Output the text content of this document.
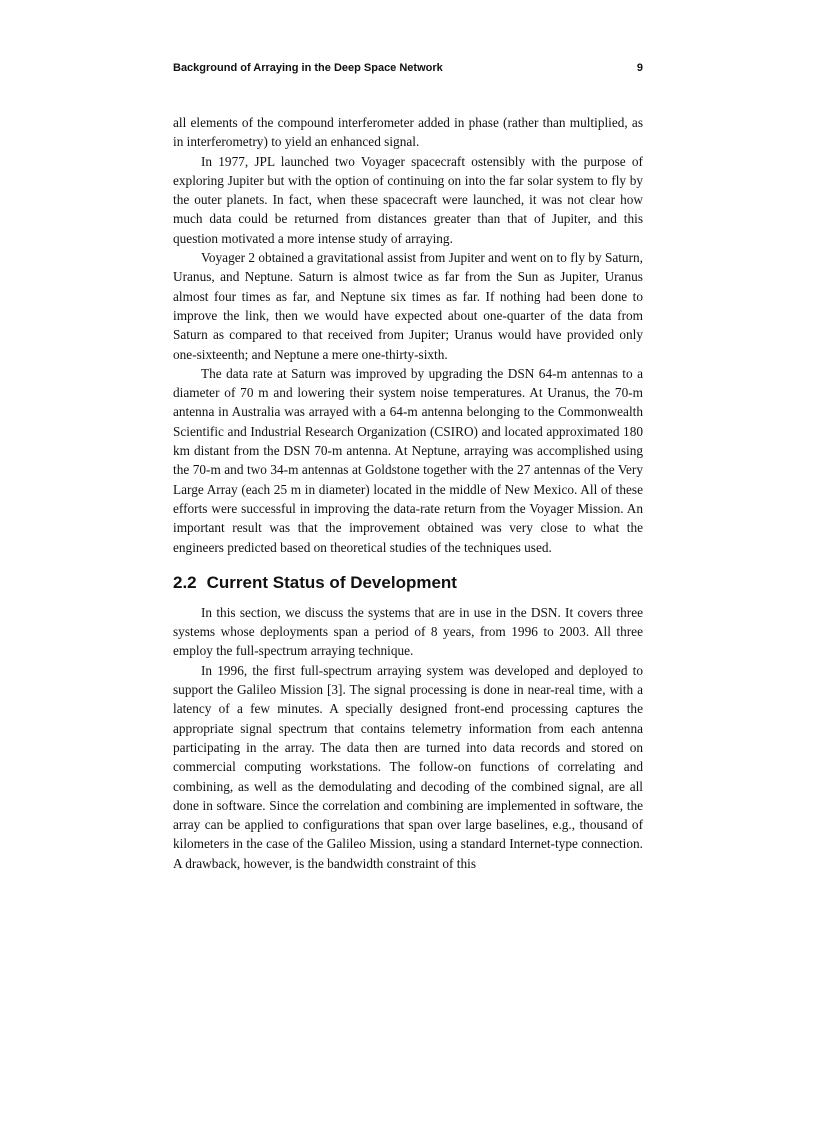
Background of Arraying in the Deep Space Network	9

all elements of the compound interferometer added in phase (rather than multiplied, as in interferometry) to yield an enhanced signal.

In 1977, JPL launched two Voyager spacecraft ostensibly with the purpose of exploring Jupiter but with the option of continuing on into the far solar system to fly by the outer planets. In fact, when these spacecraft were launched, it was not clear how much data could be returned from distances greater than that of Jupiter, and this question motivated a more intense study of arraying.

Voyager 2 obtained a gravitational assist from Jupiter and went on to fly by Saturn, Uranus, and Neptune. Saturn is almost twice as far from the Sun as Jupiter, Uranus almost four times as far, and Neptune six times as far. If nothing had been done to improve the link, then we would have expected about one-quarter of the data from Saturn as compared to that received from Jupiter; Uranus would have provided only one-sixteenth; and Neptune a mere one-thirty-sixth.

The data rate at Saturn was improved by upgrading the DSN 64-m antennas to a diameter of 70 m and lowering their system noise temperatures. At Uranus, the 70-m antenna in Australia was arrayed with a 64-m antenna belonging to the Commonwealth Scientific and Industrial Research Organization (CSIRO) and located approximated 180 km distant from the DSN 70-m antenna. At Neptune, arraying was accomplished using the 70-m and two 34-m antennas at Goldstone together with the 27 antennas of the Very Large Array (each 25 m in diameter) located in the middle of New Mexico. All of these efforts were successful in improving the data-rate return from the Voyager Mission. An important result was that the improvement obtained was very close to what the engineers predicted based on theoretical studies of the techniques used.

2.2 Current Status of Development

In this section, we discuss the systems that are in use in the DSN. It covers three systems whose deployments span a period of 8 years, from 1996 to 2003. All three employ the full-spectrum arraying technique.

In 1996, the first full-spectrum arraying system was developed and deployed to support the Galileo Mission [3]. The signal processing is done in near-real time, with a latency of a few minutes. A specially designed front-end processing captures the appropriate signal spectrum that contains telemetry information from each antenna participating in the array. The data then are turned into data records and stored on commercial computing workstations. The follow-on functions of correlating and combining, as well as the demodulating and decoding of the combined signal, are all done in software. Since the correlation and combining are implemented in software, the array can be applied to configurations that span over large baselines, e.g., thousand of kilometers in the case of the Galileo Mission, using a standard Internet-type connection. A drawback, however, is the bandwidth constraint of this
